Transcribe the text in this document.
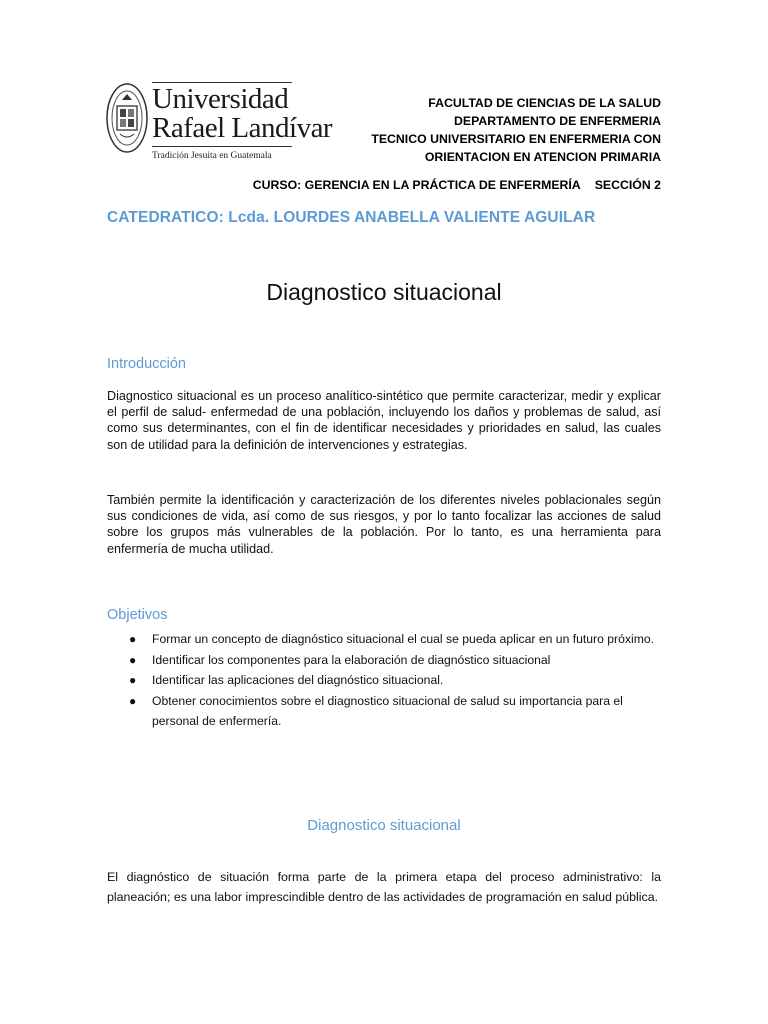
Universidad
Rafael Landívar
Tradición Jesuita en Guatemala
FACULTAD DE CIENCIAS DE LA SALUD
DEPARTAMENTO DE ENFERMERIA
TECNICO UNIVERSITARIO EN ENFERMERIA CON
ORIENTACION EN ATENCION PRIMARIA
CURSO: GERENCIA EN LA PRÁCTICA DE ENFERMERÍA SECCIÓN 2
CATEDRATICO: Lcda. LOURDES ANABELLA VALIENTE AGUILAR
Diagnostico situacional
Introducción
Diagnostico situacional es un proceso analítico-sintético que permite caracterizar, medir y explicar el perfil de salud- enfermedad de una población, incluyendo los daños y problemas de salud, así como sus determinantes, con el fin de identificar necesidades y prioridades en salud, las cuales son de utilidad para la definición de intervenciones y estrategias.
También permite la identificación y caracterización de los diferentes niveles poblacionales según sus condiciones de vida, así como de sus riesgos, y por lo tanto focalizar las acciones de salud sobre los grupos más vulnerables de la población. Por lo tanto, es una herramienta para enfermería de mucha utilidad.
Objetivos
● Formar un concepto de diagnóstico situacional el cual se pueda aplicar en un futuro próximo.
● Identificar los componentes para la elaboración de diagnóstico situacional
● Identificar las aplicaciones del diagnóstico situacional.
● Obtener conocimientos sobre el diagnostico situacional de salud su importancia para el personal de enfermería.
Diagnostico situacional
El diagnóstico de situación forma parte de la primera etapa del proceso administrativo: la planeación; es una labor imprescindible dentro de las actividades de programación en salud pública.
